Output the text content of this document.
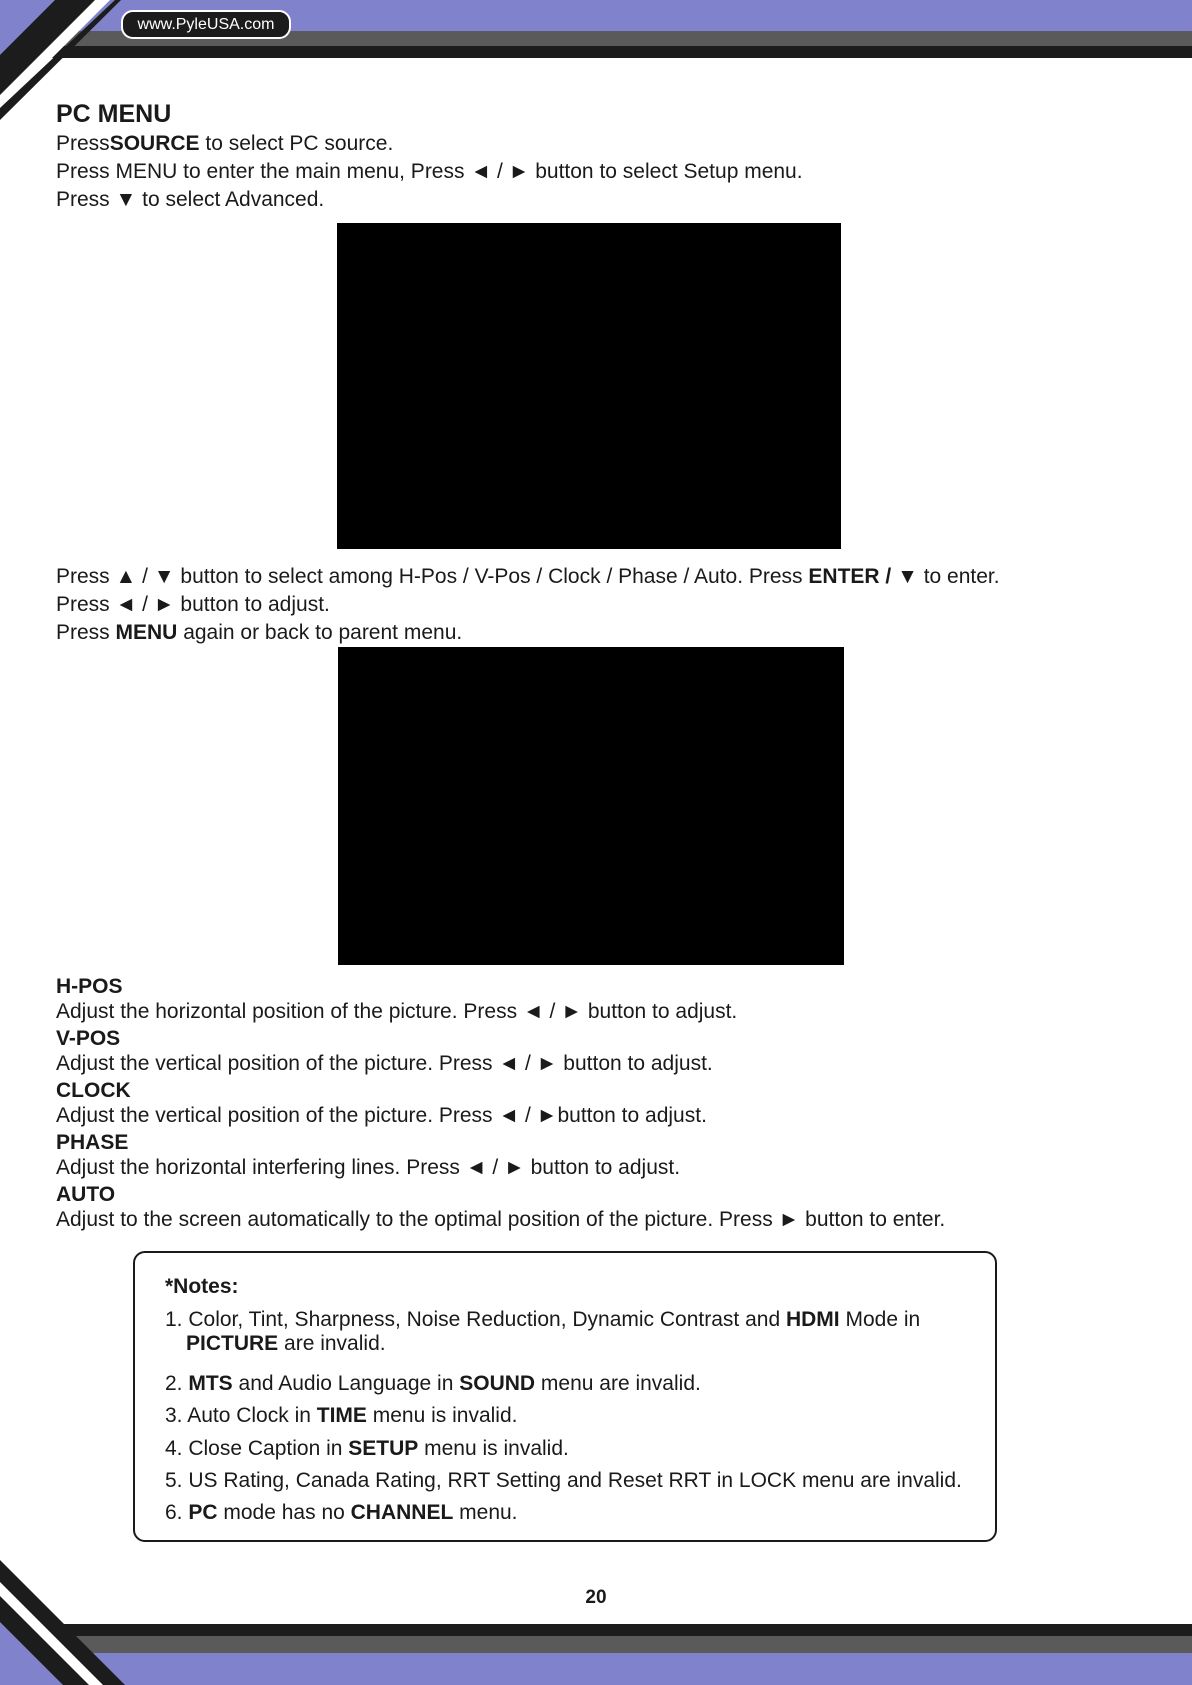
www.PyleUSA.com
PC MENU

PressSOURCE to select PC source.

Press MENU to enter the main menu, Press ◄ / ► button to select Setup menu.

Press ▼ to select Advanced.

Press ▲ / ▼ button to select among H-Pos / V-Pos / Clock / Phase / Auto. Press ENTER / ▼ to enter.

Press ◄ / ► button to adjust.

Press MENU again or back to parent menu.

H-POS
Adjust the horizontal position of the picture. Press ◄ / ► button to adjust.
V-POS
Adjust the vertical position of the picture. Press ◄ / ► button to adjust.
CLOCK
Adjust the vertical position of the picture. Press ◄ / ►button to adjust.
PHASE
Adjust the horizontal interfering lines. Press ◄ / ► button to adjust.
AUTO
Adjust to the screen automatically to the optimal position of the picture. Press ► button to enter.
*Notes:
1. Color, Tint, Sharpness, Noise Reduction, Dynamic Contrast and HDMI Mode in
PICTURE are invalid.
2. MTS and Audio Language in SOUND menu are invalid.
3. Auto Clock in TIME menu is invalid.
4. Close Caption in SETUP menu is invalid.
5. US Rating, Canada Rating, RRT Setting and Reset RRT in LOCK menu are invalid.
6. PC mode has no CHANNEL menu.
20
